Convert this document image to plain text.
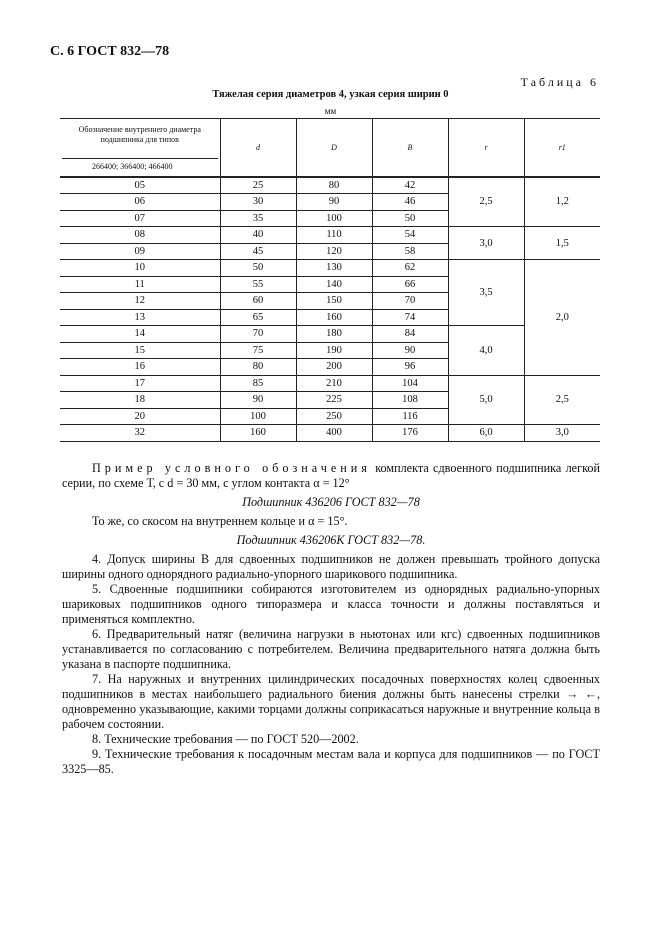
С. 6 ГОСТ 832—78
Таблица 6
Тяжелая серия диаметров 4, узкая серия ширин 0
мм
Обозначение внутреннего диаметра подшипника для типов
266400; 366400; 466400	d	D	B	r	r1
05	25	80	42	2,5	1,2
06	30	90	46		
07	35	100	50		
08	40	110	54	3,0	1,5
09	45	120	58		
10	50	130	62	3,5	2,0
11	55	140	66		
12	60	150	70		
13	65	160	74		
14	70	180	84	4,0	
15	75	190	90		
16	80	200	96		
17	85	210	104	5,0	2,5
18	90	225	108		
20	100	250	116		
32	160	400	176	6,0	3,0

Пример условного обозначения комплекта сдвоенного подшипника легкой серии, по схеме Т, с d = 30 мм, с углом контакта α = 12°

Подшипник 436206 ГОСТ 832—78

То же, со скосом на внутреннем кольце и α = 15°.

Подшипник 436206К ГОСТ 832—78.

4. Допуск ширины B для сдвоенных подшипников не должен превышать тройного допуска ширины одного однорядного радиально-упорного шарикового подшипника.

5. Сдвоенные подшипники собираются изготовителем из однорядных радиально-упорных шариковых подшипников одного типоразмера и класса точности и должны поставляться и применяться комплектно.

6. Предварительный натяг (величина нагрузки в ньютонах или кгс) сдвоенных подшипников устанавливается по согласованию с потребителем. Величина предварительного натяга должна быть указана в паспорте подшипника.

7. На наружных и внутренних цилиндрических посадочных поверхностях колец сдвоенных подшипников в местах наибольшего радиального биения должны быть нанесены стрелки → ←, одновременно указывающие, какими торцами должны соприкасаться наружные и внутренние кольца в рабочем состоянии.

8. Технические требования — по ГОСТ 520—2002.

9. Технические требования к посадочным местам вала и корпуса для подшипников — по ГОСТ 3325—85.
